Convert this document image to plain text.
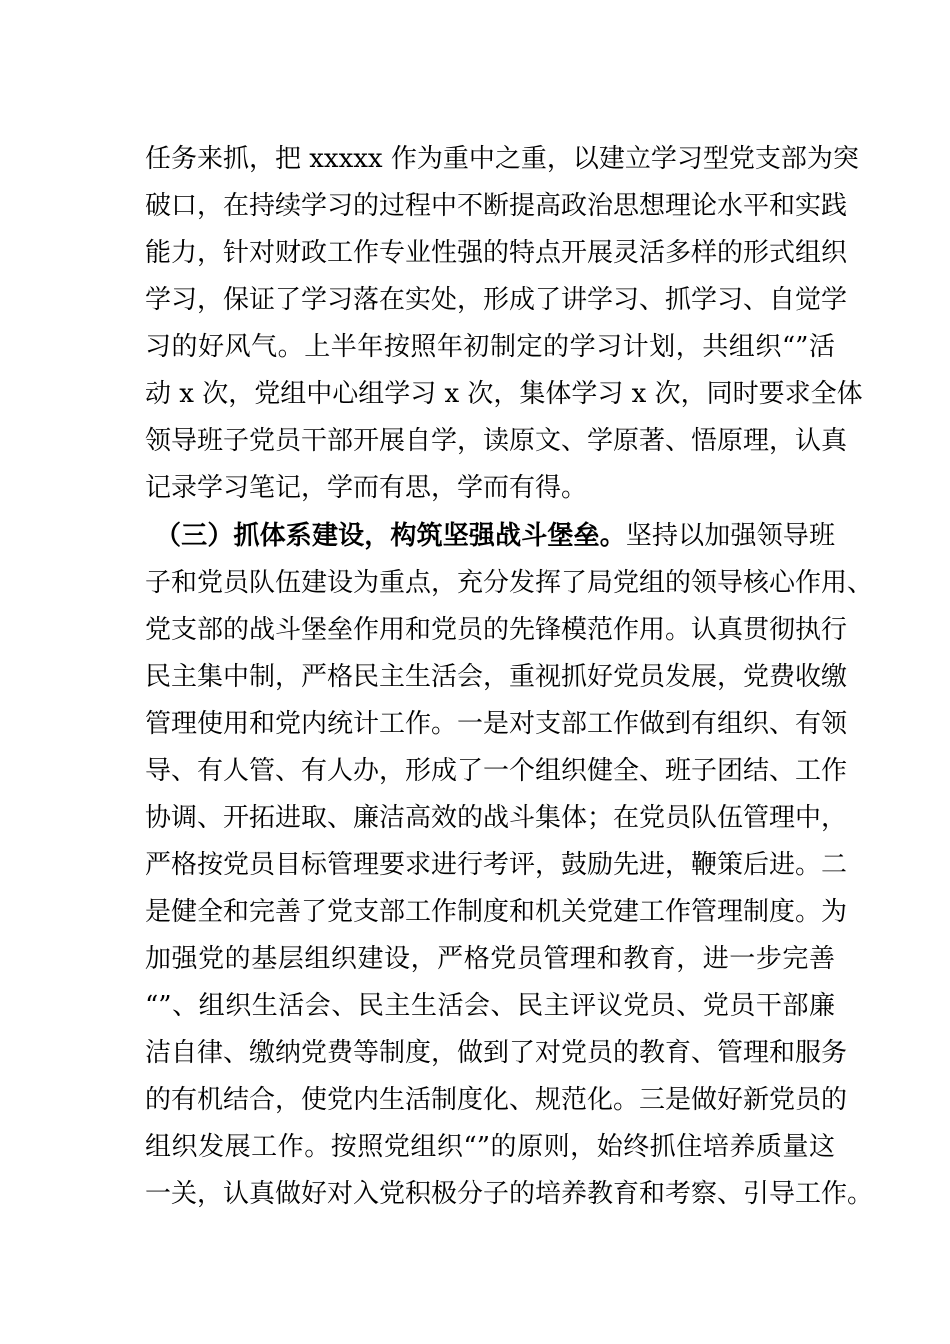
任务来抓，把 xxxxx 作为重中之重，以建立学习型党支部为突
破口，在持续学习的过程中不断提高政治思想理论水平和实践
能力，针对财政工作专业性强的特点开展灵活多样的形式组织
学习，保证了学习落在实处，形成了讲学习、抓学习、自觉学
习的好风气。上半年按照年初制定的学习计划，共组织“”活
动 x 次，党组中心组学习 x 次，集体学习 x 次，同时要求全体
领导班子党员干部开展自学，读原文、学原著、悟原理，认真
记录学习笔记，学而有思，学而有得。
（三）抓体系建设，构筑坚强战斗堡垒。坚持以加强领导班
子和党员队伍建设为重点，充分发挥了局党组的领导核心作用、
党支部的战斗堡垒作用和党员的先锋模范作用。认真贯彻执行
民主集中制，严格民主生活会，重视抓好党员发展，党费收缴
管理使用和党内统计工作。一是对支部工作做到有组织、有领
导、有人管、有人办，形成了一个组织健全、班子团结、工作
协调、开拓进取、廉洁高效的战斗集体；在党员队伍管理中，
严格按党员目标管理要求进行考评，鼓励先进，鞭策后进。二
是健全和完善了党支部工作制度和机关党建工作管理制度。为
加强党的基层组织建设，严格党员管理和教育，进一步完善
“”、组织生活会、民主生活会、民主评议党员、党员干部廉
洁自律、缴纳党费等制度，做到了对党员的教育、管理和服务
的有机结合，使党内生活制度化、规范化。三是做好新党员的
组织发展工作。按照党组织“”的原则，始终抓住培养质量这
一关，认真做好对入党积极分子的培养教育和考察、引导工作。
